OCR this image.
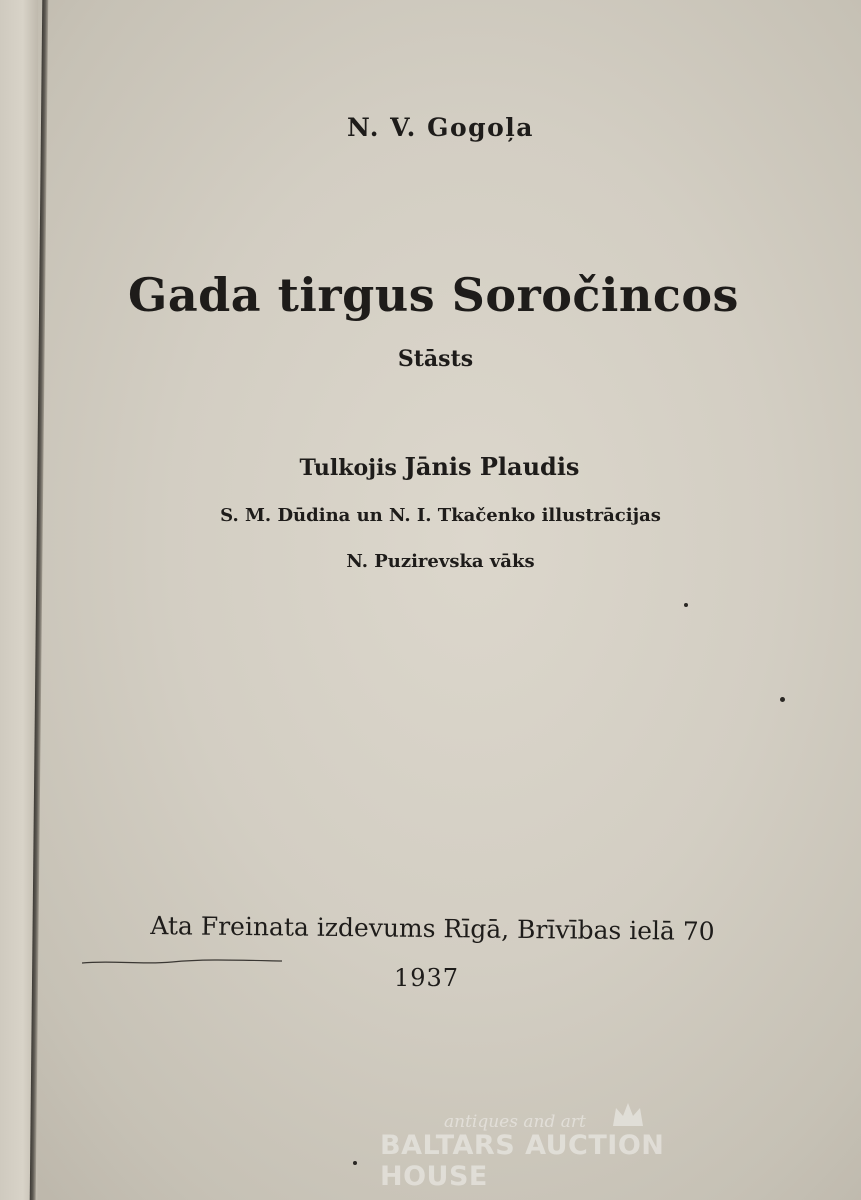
N. V. Gogoļa
Gada tirgus Soročincos
Stāsts
Tulkojis Jānis Plaudis
S. M. Dūdina un N. I. Tkačenko illustrācijas
N. Puzirevska vāks
Ata Freinata izdevums Rīgā, Brīvības ielā 70
1937
antiques and art
BALTARS AUCTION HOUSE
